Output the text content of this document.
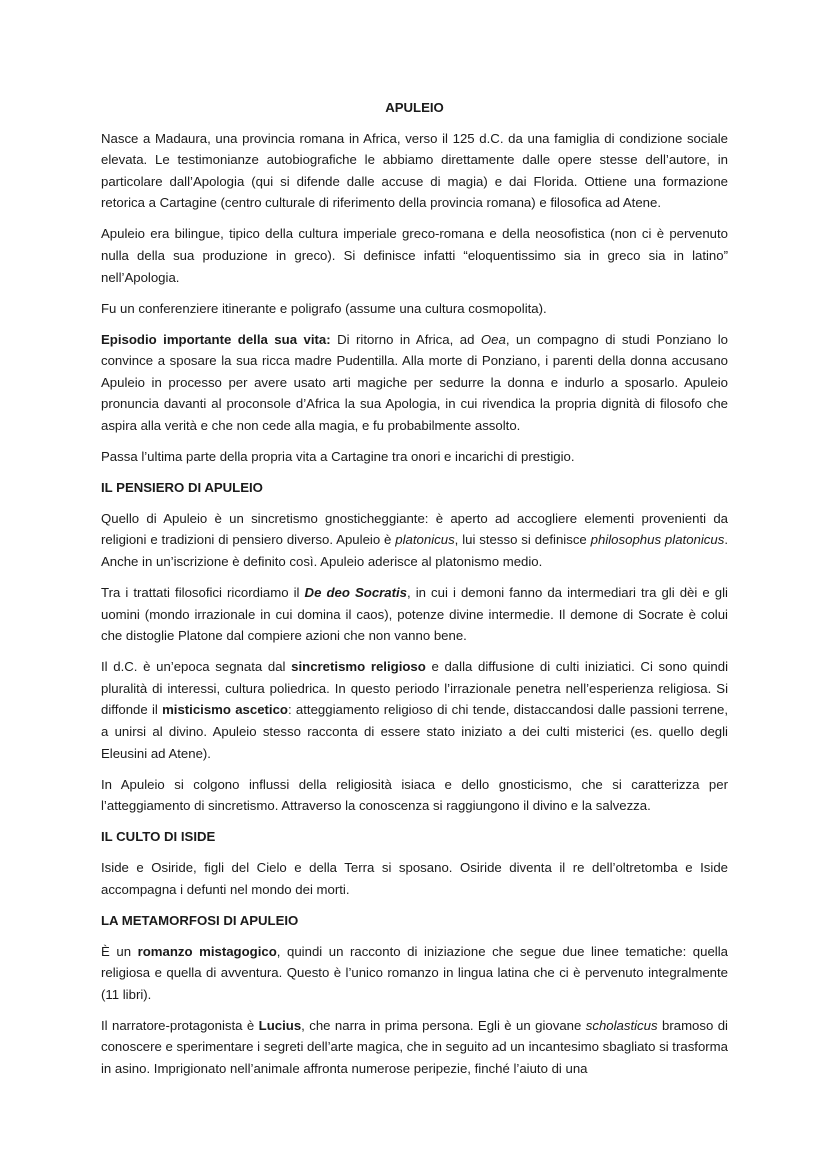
APULEIO

Nasce a Madaura, una provincia romana in Africa, verso il 125 d.C. da una famiglia di condizione sociale elevata. Le testimonianze autobiografiche le abbiamo direttamente dalle opere stesse dell’autore, in particolare dall’Apologia (qui si difende dalle accuse di magia) e dai Florida. Ottiene una formazione retorica a Cartagine (centro culturale di riferimento della provincia romana) e filosofica ad Atene.

Apuleio era bilingue, tipico della cultura imperiale greco-romana e della neosofistica (non ci è pervenuto nulla della sua produzione in greco). Si definisce infatti “eloquentissimo sia in greco sia in latino” nell’Apologia.

Fu un conferenziere itinerante e poligrafo (assume una cultura cosmopolita).

Episodio importante della sua vita: Di ritorno in Africa, ad Oea, un compagno di studi Ponziano lo convince a sposare la sua ricca madre Pudentilla. Alla morte di Ponziano, i parenti della donna accusano Apuleio in processo per avere usato arti magiche per sedurre la donna e indurlo a sposarlo. Apuleio pronuncia davanti al proconsole d’Africa la sua Apologia, in cui rivendica la propria dignità di filosofo che aspira alla verità e che non cede alla magia, e fu probabilmente assolto.

Passa l’ultima parte della propria vita a Cartagine tra onori e incarichi di prestigio.

IL PENSIERO DI APULEIO

Quello di Apuleio è un sincretismo gnosticheggiante: è aperto ad accogliere elementi provenienti da religioni e tradizioni di pensiero diverso. Apuleio è platonicus, lui stesso si definisce philosophus platonicus. Anche in un’iscrizione è definito così. Apuleio aderisce al platonismo medio.

Tra i trattati filosofici ricordiamo il De deo Socratis, in cui i demoni fanno da intermediari tra gli dèi e gli uomini (mondo irrazionale in cui domina il caos), potenze divine intermedie. Il demone di Socrate è colui che distoglie Platone dal compiere azioni che non vanno bene.

Il d.C. è un’epoca segnata dal sincretismo religioso e dalla diffusione di culti iniziatici. Ci sono quindi pluralità di interessi, cultura poliedrica. In questo periodo l’irrazionale penetra nell’esperienza religiosa. Si diffonde il misticismo ascetico: atteggiamento religioso di chi tende, distaccandosi dalle passioni terrene, a unirsi al divino. Apuleio stesso racconta di essere stato iniziato a dei culti misterici (es. quello degli Eleusini ad Atene).

In Apuleio si colgono influssi della religiosità isiaca e dello gnosticismo, che si caratterizza per l’atteggiamento di sincretismo. Attraverso la conoscenza si raggiungono il divino e la salvezza.

IL CULTO DI ISIDE

Iside e Osiride, figli del Cielo e della Terra si sposano. Osiride diventa il re dell’oltretomba e Iside accompagna i defunti nel mondo dei morti.

LA METAMORFOSI DI APULEIO

È un romanzo mistagogico, quindi un racconto di iniziazione che segue due linee tematiche: quella religiosa e quella di avventura. Questo è l’unico romanzo in lingua latina che ci è pervenuto integralmente (11 libri).

Il narratore-protagonista è Lucius, che narra in prima persona. Egli è un giovane scholasticus bramoso di conoscere e sperimentare i segreti dell’arte magica, che in seguito ad un incantesimo sbagliato si trasforma in asino. Imprigionato nell’animale affronta numerose peripezie, finché l’aiuto di una
